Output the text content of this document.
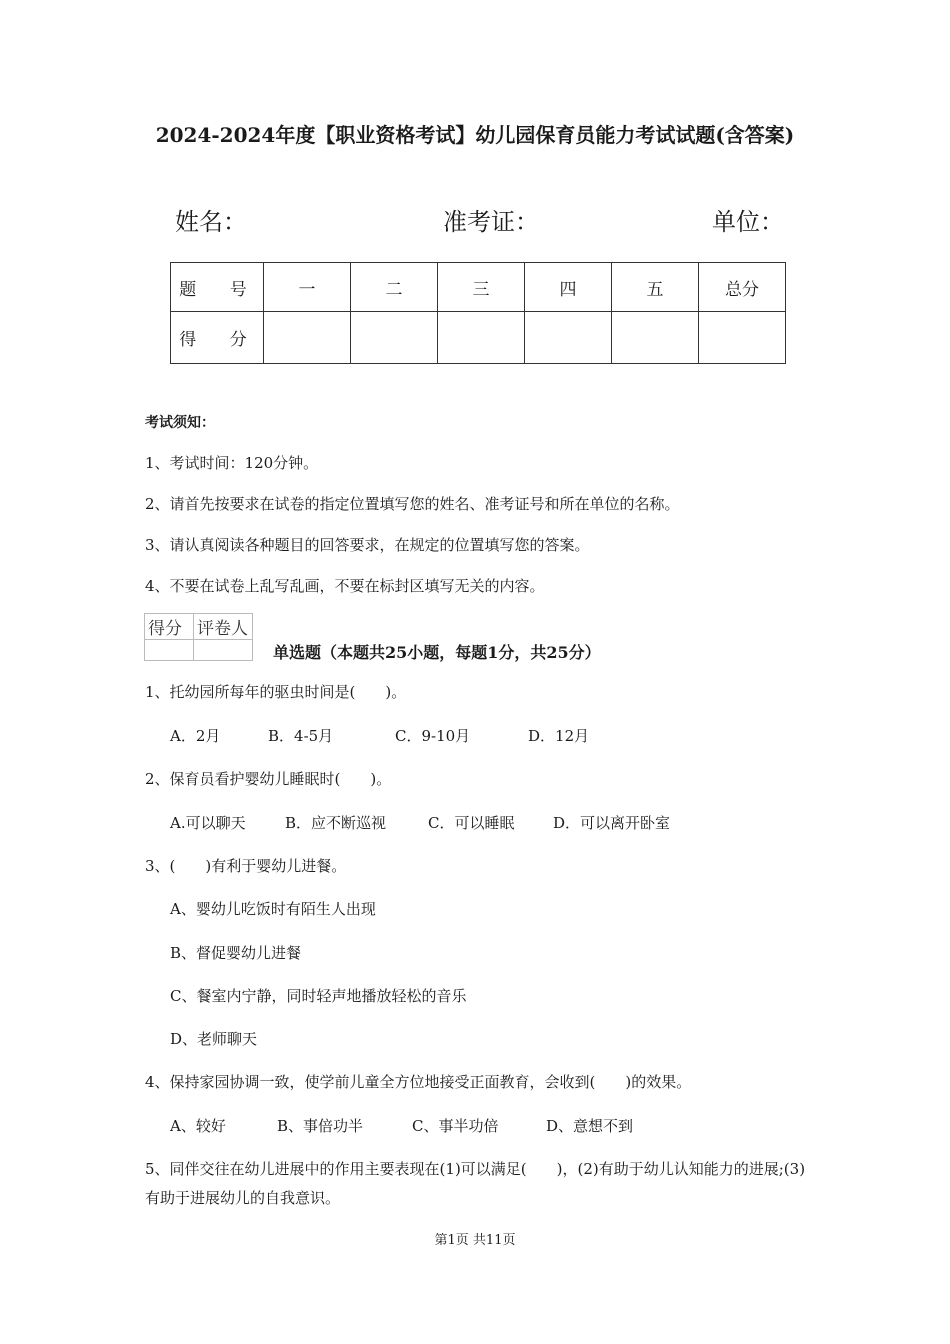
2024-2024年度【职业资格考试】幼儿园保育员能力考试试题(含答案)
姓名：	准考证：	单位：
题 号	一	二	三	四	五	总分
得 分						
考试须知：
1、考试时间：120分钟。
2、请首先按要求在试卷的指定位置填写您的姓名、准考证号和所在单位的名称。
3、请认真阅读各种题目的回答要求，在规定的位置填写您的答案。
4、不要在试卷上乱写乱画，不要在标封区填写无关的内容。
得分	评卷人

单选题（本题共25小题，每题1分，共25分）
1、托幼园所每年的驱虫时间是(　　)。
A．2月	B．4-5月	C．9-10月	D．12月
2、保育员看护婴幼儿睡眠时(　　)。
A.可以聊天	B．应不断巡视	C．可以睡眠	D．可以离开卧室
3、(　　)有利于婴幼儿进餐。
A、婴幼儿吃饭时有陌生人出现
B、督促婴幼儿进餐
C、餐室内宁静，同时轻声地播放轻松的音乐
D、老师聊天
4、保持家园协调一致，使学前儿童全方位地接受正面教育，会收到(　　)的效果。
A、较好	B、事倍功半	C、事半功倍	D、意想不到
5、同伴交往在幼儿进展中的作用主要表现在(1)可以满足(　　)，(2)有助于幼儿认知能力的进展;(3)有助于进展幼儿的自我意识。
第1页 共11页
